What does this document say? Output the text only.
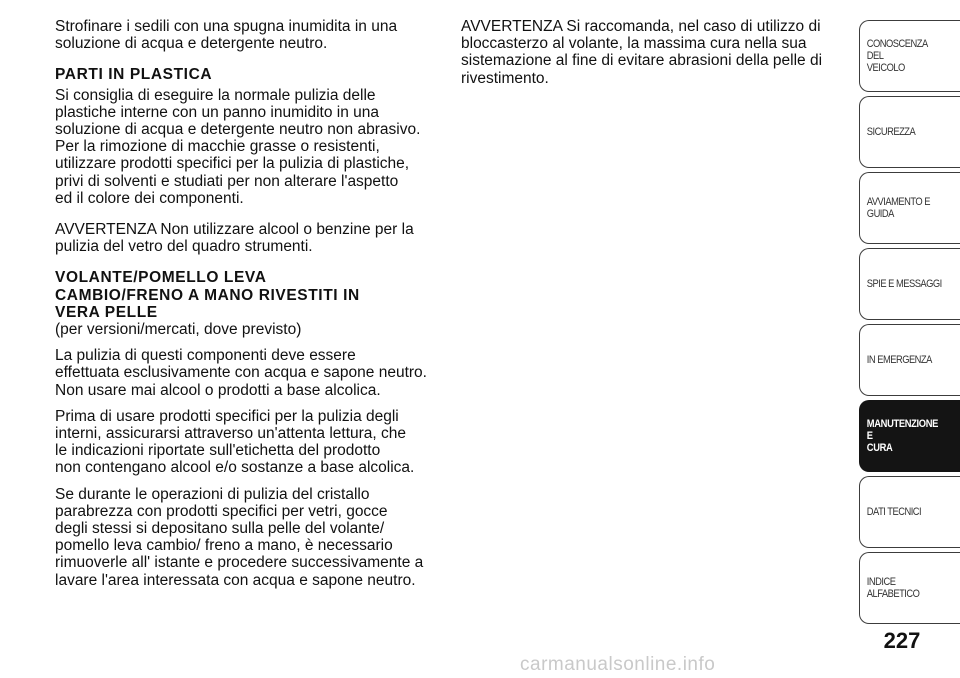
Strofinare i sedili con una spugna inumidita in una
soluzione di acqua e detergente neutro.

PARTI IN PLASTICA

Si consiglia di eseguire la normale pulizia delle
plastiche interne con un panno inumidito in una
soluzione di acqua e detergente neutro non abrasivo.
Per la rimozione di macchie grasse o resistenti,
utilizzare prodotti specifici per la pulizia di plastiche,
privi di solventi e studiati per non alterare l'aspetto
ed il colore dei componenti.

AVVERTENZA Non utilizzare alcool o benzine per la
pulizia del vetro del quadro strumenti.

VOLANTE/POMELLO LEVA
CAMBIO/FRENO A MANO RIVESTITI IN
VERA PELLE

(per versioni/mercati, dove previsto)

La pulizia di questi componenti deve essere
effettuata esclusivamente con acqua e sapone neutro.
Non usare mai alcool o prodotti a base alcolica.

Prima di usare prodotti specifici per la pulizia degli
interni, assicurarsi attraverso un'attenta lettura, che
le indicazioni riportate sull'etichetta del prodotto
non contengano alcool e/o sostanze a base alcolica.

Se durante le operazioni di pulizia del cristallo
parabrezza con prodotti specifici per vetri, gocce
degli stessi si depositano sulla pelle del volante/
pomello leva cambio/ freno a mano, è necessario
rimuoverle all' istante e procedere successivamente a
lavare l'area interessata con acqua e sapone neutro.

AVVERTENZA Si raccomanda, nel caso di utilizzo di
bloccasterzo al volante, la massima cura nella sua
sistemazione al fine di evitare abrasioni della pelle di
rivestimento.

CONOSCENZA DEL
VEICOLO
SICUREZZA
AVVIAMENTO E
GUIDA
SPIE E MESSAGGI
IN EMERGENZA
MANUTENZIONE E
CURA
DATI TECNICI
INDICE ALFABETICO
227
carmanualsonline.info
